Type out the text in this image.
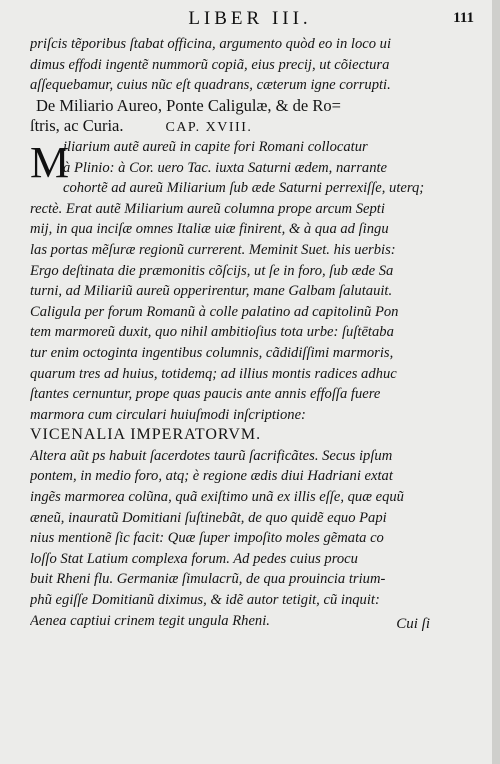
LIBER III.	111
priſcis tẽporibus ſtabat officina, argumento quòd eo in loco ui
dimus effodi ingentẽ nummorũ copiã, eius precij, ut cõiectura
aſſequebamur, cuius nũc eſt quadrans, cæterum igne corrupti.
De Miliario Aureo, Ponte Caligulæ, & de Ro=
ſtris, ac Curia.	CAP. XVIII.
M
iliarium autẽ aureũ in capite fori Romani collocatur
à Plinio: à Cor. uero Tac. iuxta Saturni ædem, narrante
cohortẽ ad aureũ Miliarium ſub æde Saturni perrexiſſe, uterq;
rectè. Erat autẽ Miliarium aureũ columna prope arcum Septi
mij, in qua inciſæ omnes Italiæ uiæ finirent, & à qua ad ſingu
las portas mẽſuræ regionũ currerent. Meminit Suet. his uerbis:
Ergo deſtinata die præmonitis cõſcijs, ut ſe in foro, ſub æde Sa
turni, ad Miliariũ aureũ opperirentur, mane Galbam ſalutauit.
Caligula per forum Romanũ à colle palatino ad capitolinũ Pon
tem marmoreũ duxit, quo nihil ambitioſius tota urbe: ſuſtētaba
tur enim octoginta ingentibus columnis, cãdidiſſimi marmoris,
quarum tres ad huius, totidemq; ad illius montis radices adhuc
ſtantes cernuntur, prope quas paucis ante annis effoſſa fuere
marmora cum circulari huiuſmodi inſcriptione:
VICENALIA IMPERATORVM.
Altera aũt ps habuit ſacerdotes taurũ ſacrificãtes. Secus ipſum
pontem, in medio foro, atq; è regione ædis diui Hadriani extat
ingẽs marmorea colũna, quã exiſtimo unã ex illis eſſe, quæ equũ
æneũ, inauratũ Domitiani ſuſtinebãt, de quo quidẽ equo Papi
nius mentionẽ ſic facit: Quæ ſuper impoſito moles gẽmata co
loſſo Stat Latium complexa forum. Ad pedes cuius procu
buit Rheni flu. Germaniæ ſimulacrũ, de qua prouincia trium-
phũ egiſſe Domitianũ diximus, & idẽ autor tetigit, cũ inquit:
Aenea captiui crinem tegit ungula Rheni.	Cui ſi
